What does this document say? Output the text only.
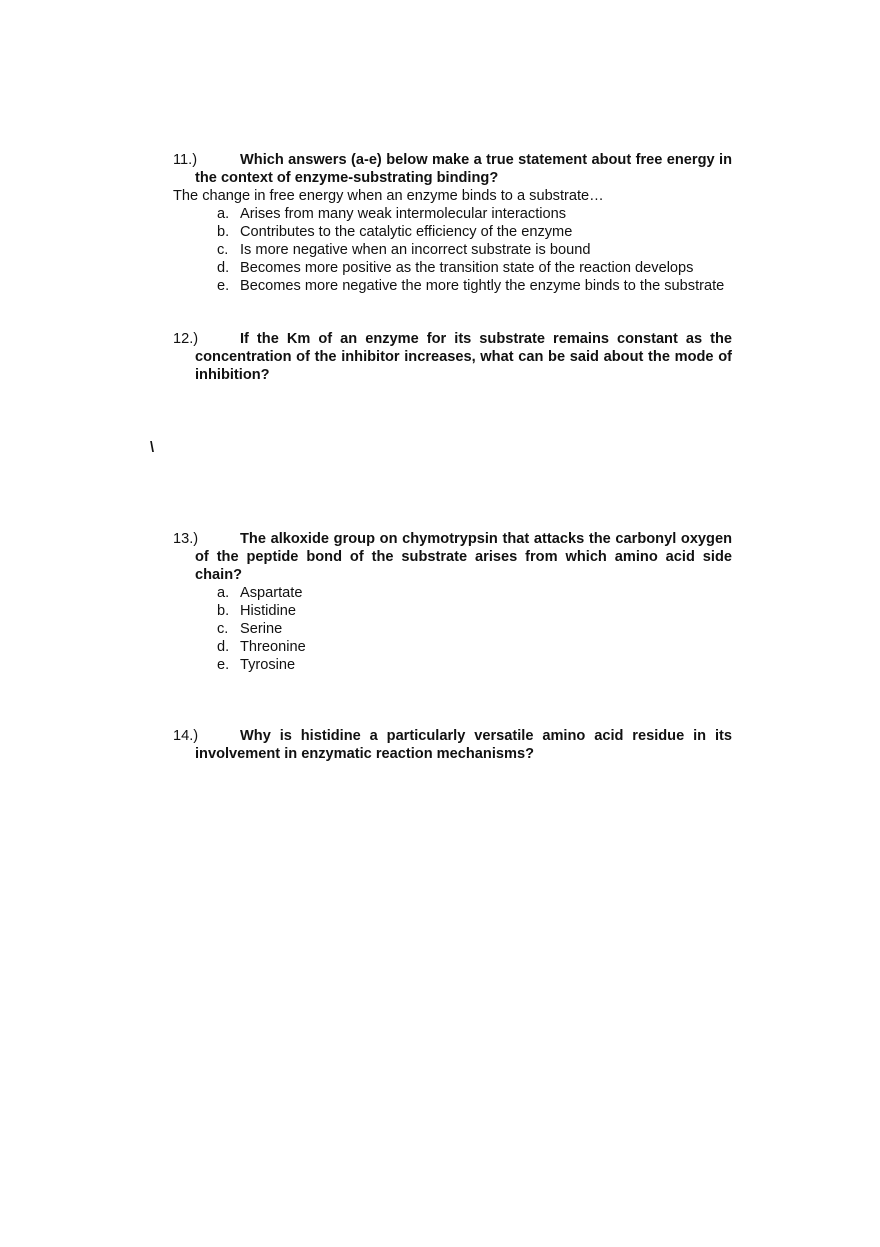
11.)	Which answers (a-e) below make a true statement about free energy in the context of enzyme-substrating binding?

The change in free energy when an enzyme binds to a substrate…

a. Arises from many weak intermolecular interactions
b. Contributes to the catalytic efficiency of the enzyme
c. Is more negative when an incorrect substrate is bound
d. Becomes more positive as the transition state of the reaction develops
e. Becomes more negative the more tightly the enzyme binds to the substrate

12.)	If the Km of an enzyme for its substrate remains constant as the concentration of the inhibitor increases, what can be said about the mode of inhibition?

\

13.)	The alkoxide group on chymotrypsin that attacks the carbonyl oxygen of the peptide bond of the substrate arises from which amino acid side chain?

a. Aspartate
b. Histidine
c. Serine
d. Threonine
e. Tyrosine

14.)	Why is histidine a particularly versatile amino acid residue in its involvement in enzymatic reaction mechanisms?
